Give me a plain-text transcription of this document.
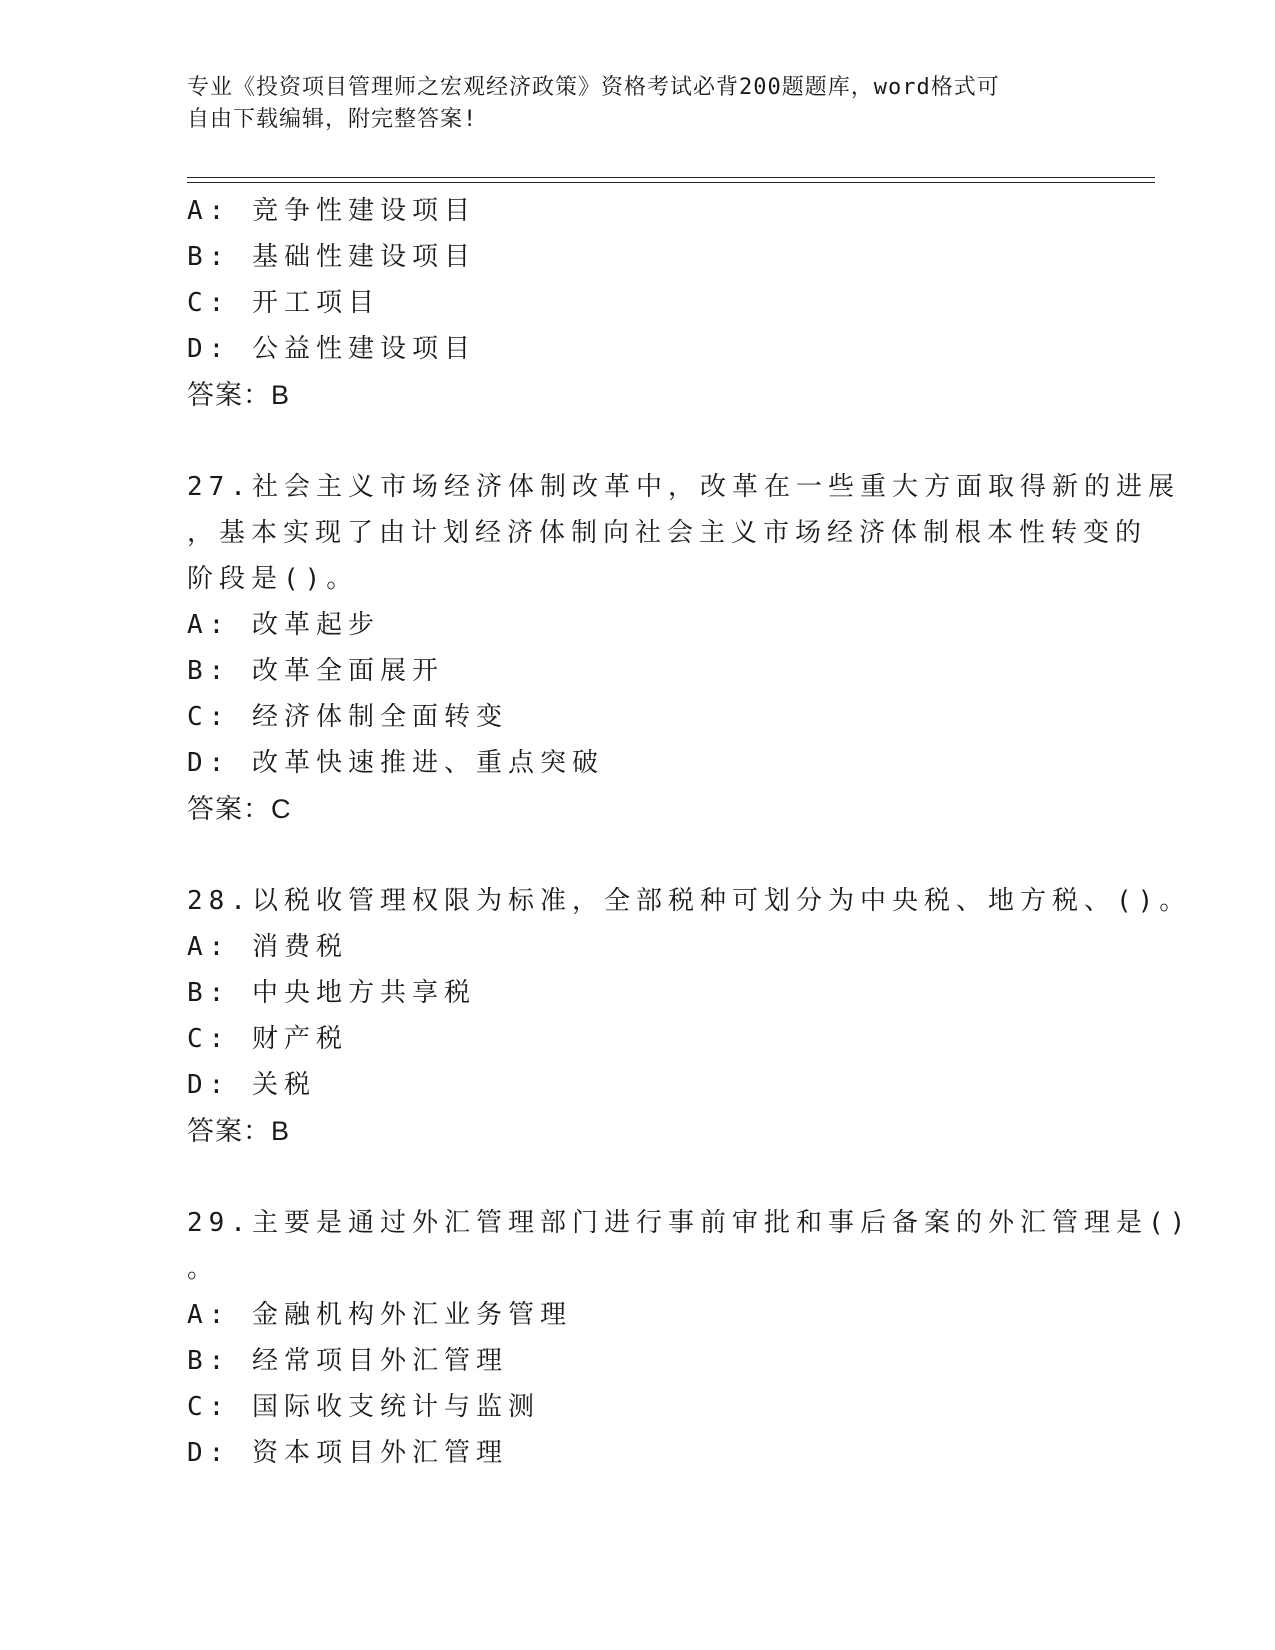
专业《投资项目管理师之宏观经济政策》资格考试必背200题题库，word格式可
自由下载编辑，附完整答案!
A: 竞争性建设项目
B: 基础性建设项目
C: 开工项目
D: 公益性建设项目
答案：B
27.社会主义市场经济体制改革中，改革在一些重大方面取得新的进展
，基本实现了由计划经济体制向社会主义市场经济体制根本性转变的
阶段是()。
A: 改革起步
B: 改革全面展开
C: 经济体制全面转变
D: 改革快速推进、重点突破
答案：C
28.以税收管理权限为标准，全部税种可划分为中央税、地方税、()。
A: 消费税
B: 中央地方共享税
C: 财产税
D: 关税
答案：B
29.主要是通过外汇管理部门进行事前审批和事后备案的外汇管理是()
。
A: 金融机构外汇业务管理
B: 经常项目外汇管理
C: 国际收支统计与监测
D: 资本项目外汇管理
